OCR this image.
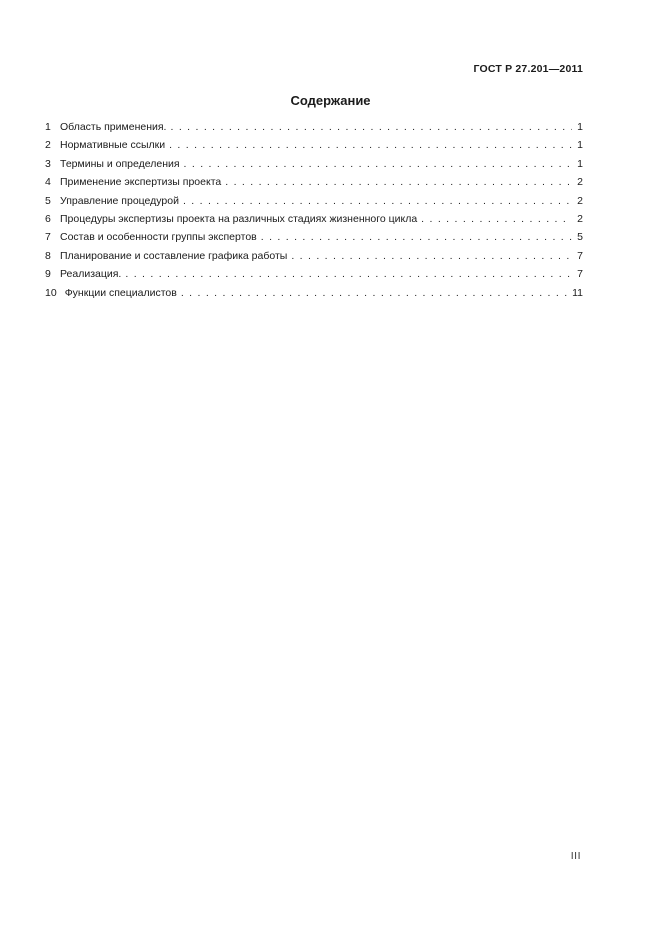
ГОСТ Р 27.201—2011
Содержание
1 Область применения. . . .	1
2 Нормативные ссылки . . .	1
3 Термины и определения . . .	1
4 Применение экспертизы проекта . . .	2
5 Управление процедурой . . .	2
6 Процедуры экспертизы проекта на различных стадиях жизненного цикла . . .	2
7 Состав и особенности группы экспертов . . .	5
8 Планирование и составление графика работы . . .	7
9 Реализация. . . .	7
10 Функции специалистов . . .	11
III
